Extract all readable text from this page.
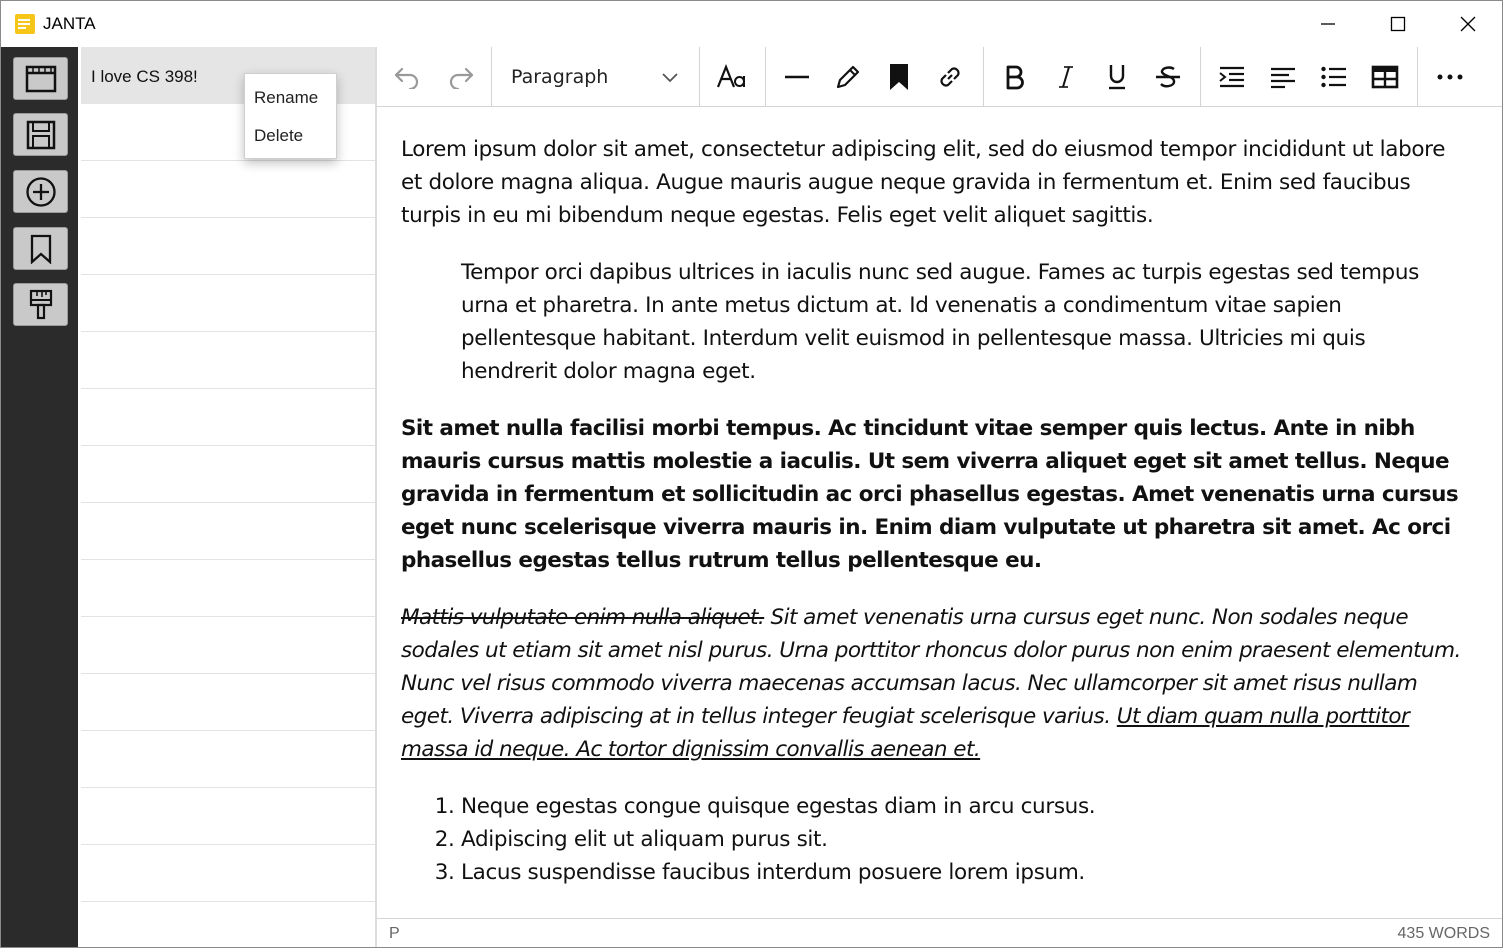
JANTA
I love CS 398!
Rename
Delete
Paragraph

Lorem ipsum dolor sit amet, consectetur adipiscing elit, sed do eiusmod tempor incididunt ut labore et dolore magna aliqua. Augue mauris augue neque gravida in fermentum et. Enim sed faucibus turpis in eu mi bibendum neque egestas. Felis eget velit aliquet sagittis.

Tempor orci dapibus ultrices in iaculis nunc sed augue. Fames ac turpis egestas sed tempus urna et pharetra. In ante metus dictum at. Id venenatis a condimentum vitae sapien pellentesque habitant. Interdum velit euismod in pellentesque massa. Ultricies mi quis hendrerit dolor magna eget.

Sit amet nulla facilisi morbi tempus. Ac tincidunt vitae semper quis lectus. Ante in nibh mauris cursus mattis molestie a iaculis. Ut sem viverra aliquet eget sit amet tellus. Neque gravida in fermentum et sollicitudin ac orci phasellus egestas. Amet venenatis urna cursus eget nunc scelerisque viverra mauris in. Enim diam vulputate ut pharetra sit amet. Ac orci phasellus egestas tellus rutrum tellus pellentesque eu.

Mattis vulputate enim nulla aliquet. Sit amet venenatis urna cursus eget nunc. Non sodales neque sodales ut etiam sit amet nisl purus. Urna porttitor rhoncus dolor purus non enim praesent elementum. Nunc vel risus commodo viverra maecenas accumsan lacus. Nec ullamcorper sit amet risus nullam eget. Viverra adipiscing at in tellus integer feugiat scelerisque varius. Ut diam quam nulla porttitor massa id neque. Ac tortor dignissim convallis aenean et.

1. Neque egestas congue quisque egestas diam in arcu cursus.
2. Adipiscing elit ut aliquam purus sit.
3. Lacus suspendisse faucibus interdum posuere lorem ipsum.
P	435 WORDS
